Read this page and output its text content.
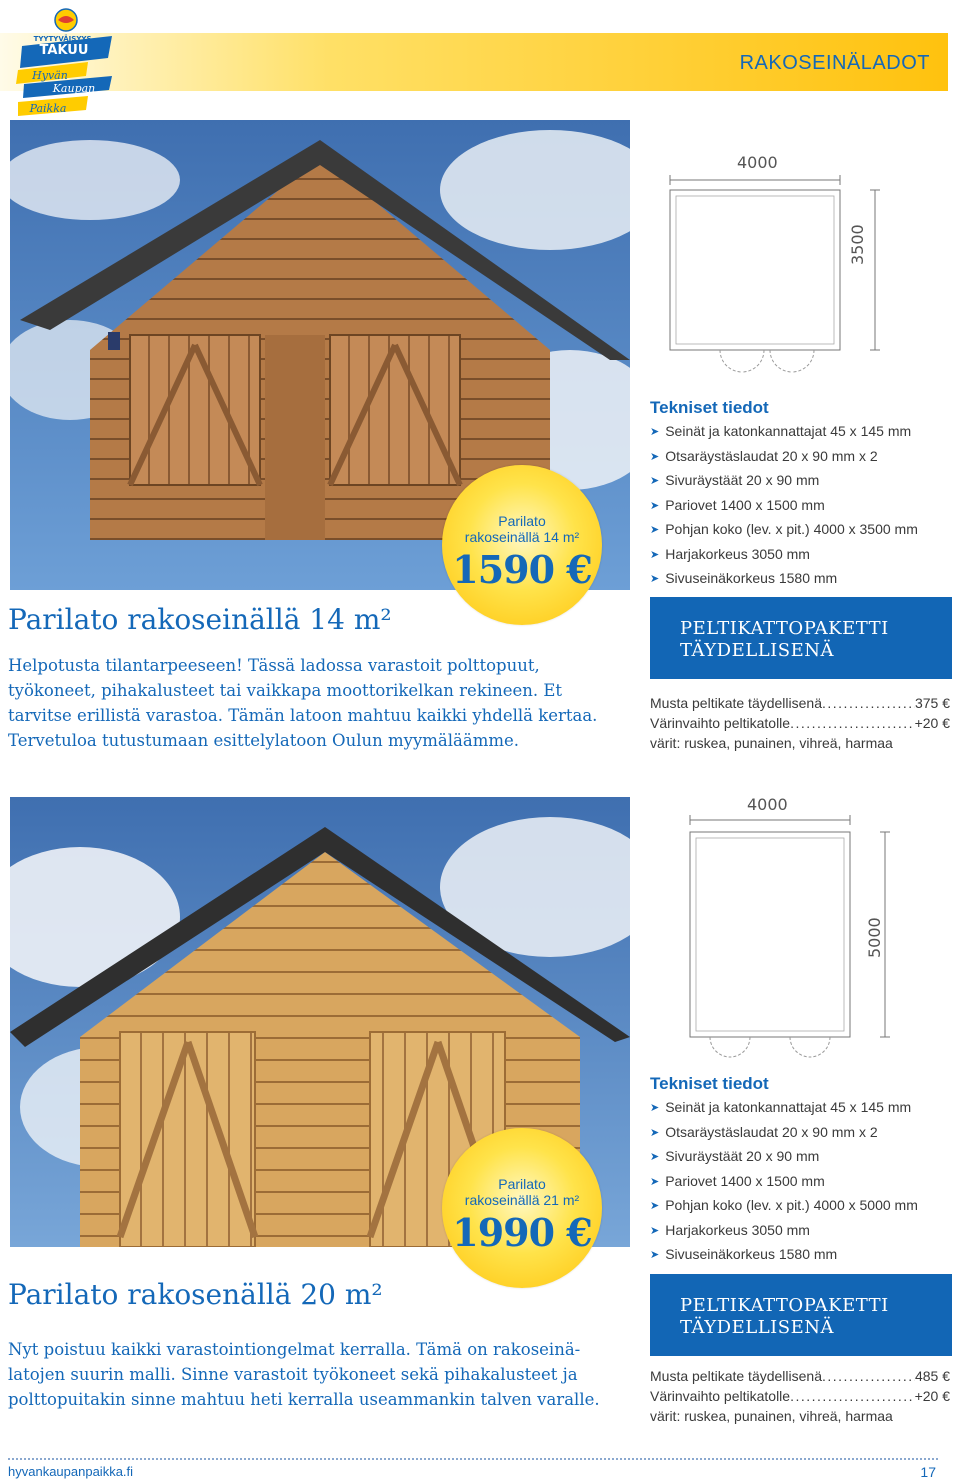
RAKOSEINÄLADOT
TYYTYVÄISYYS-
TAKUU
Hyvän
Kaupan
Paikka
Parilato
rakoseinällä 14 m²
1590 €
Parilato rakoseinällä 14 m²
Helpotusta tilantarpeeseen! Tässä ladossa varastoit polttopuut, työkoneet, pihakalusteet tai vaikkapa moottorikelkan rekineen. Et tarvitse erillistä varastoa. Tämän latoon mahtuu kaikki yhdellä kertaa. Tervetuloa tutustumaan esittelylatoon Oulun myymäläämme.
4000
3500
Tekniset tiedot
➤ Seinät ja katonkannattajat 45 x 145 mm
➤ Otsaräystäslaudat 20 x 90 mm x 2
➤ Sivuräystäät 20 x 90 mm
➤ Pariovet 1400 x 1500 mm
➤ Pohjan koko (lev. x pit.) 4000 x 3500 mm
➤ Harjakorkeus 3050 mm
➤ Sivuseinäkorkeus 1580 mm
PELTIKATTOPAKETTI
TÄYDELLISENÄ
Musta peltikate täydellisenä .....	375 €
Värinvaihto peltikatolle .....	+20 €
värit: ruskea, punainen, vihreä, harmaa
Parilato
rakoseinällä 21 m²
1990 €
Parilato rakosenällä 20 m²
Nyt poistuu kaikki varastointiongelmat kerralla. Tämä on rakoseinälatojen suurin malli. Sinne varastoit työkoneet sekä pihakalusteet ja polttopuitakin sinne mahtuu heti kerralla useammankin talven varalle.
4000
5000
Tekniset tiedot
➤ Seinät ja katonkannattajat 45 x 145 mm
➤ Otsaräystäslaudat 20 x 90 mm x 2
➤ Sivuräystäät 20 x 90 mm
➤ Pariovet 1400 x 1500 mm
➤ Pohjan koko (lev. x pit.) 4000 x 5000 mm
➤ Harjakorkeus 3050 mm
➤ Sivuseinäkorkeus 1580 mm
PELTIKATTOPAKETTI
TÄYDELLISENÄ
Musta peltikate täydellisenä .....	485 €
Värinvaihto peltikatolle .....	+20 €
värit: ruskea, punainen, vihreä, harmaa
hyvankaupanpaikka.fi	17
